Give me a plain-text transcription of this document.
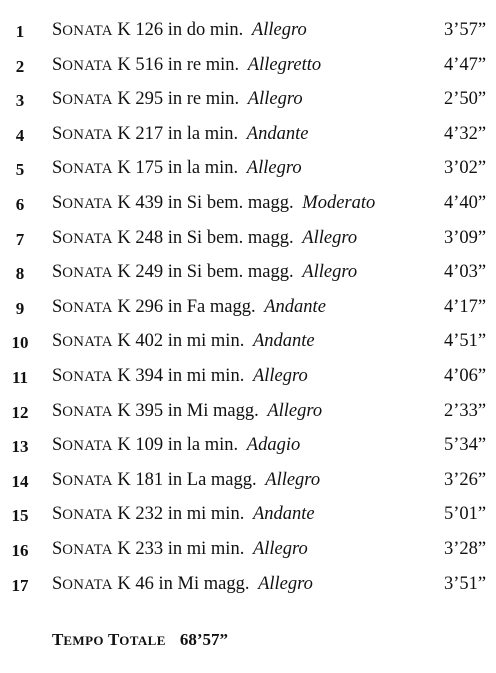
1	SONATA K 126 in do min. Allegro	3’57”
2	SONATA K 516 in re min. Allegretto	4’47”
3	SONATA K 295 in re min. Allegro	2’50”
4	SONATA K 217 in la min. Andante	4’32”
5	SONATA K 175 in la min. Allegro	3’02”
6	SONATA K 439 in Si bem. magg. Moderato	4’40”
7	SONATA K 248 in Si bem. magg. Allegro	3’09”
8	SONATA K 249 in Si bem. magg. Allegro	4’03”
9	SONATA K 296 in Fa magg. Andante	4’17”
10 SONATA K 402 in mi min. Andante	4’51”
11	SONATA K 394 in mi min. Allegro	4’06”
12 SONATA K 395 in Mi magg. Allegro	2’33”
13 SONATA K 109 in la min. Adagio	5’34”
14 SONATA K 181 in La magg. Allegro	3’26”
15 SONATA K 232 in mi min. Andante	5’01”
16 SONATA K 233 in mi min. Allegro	3’28”
17 SONATA K 46 in Mi magg. Allegro	3’51”
TEMPO TOTALE 68’57”
